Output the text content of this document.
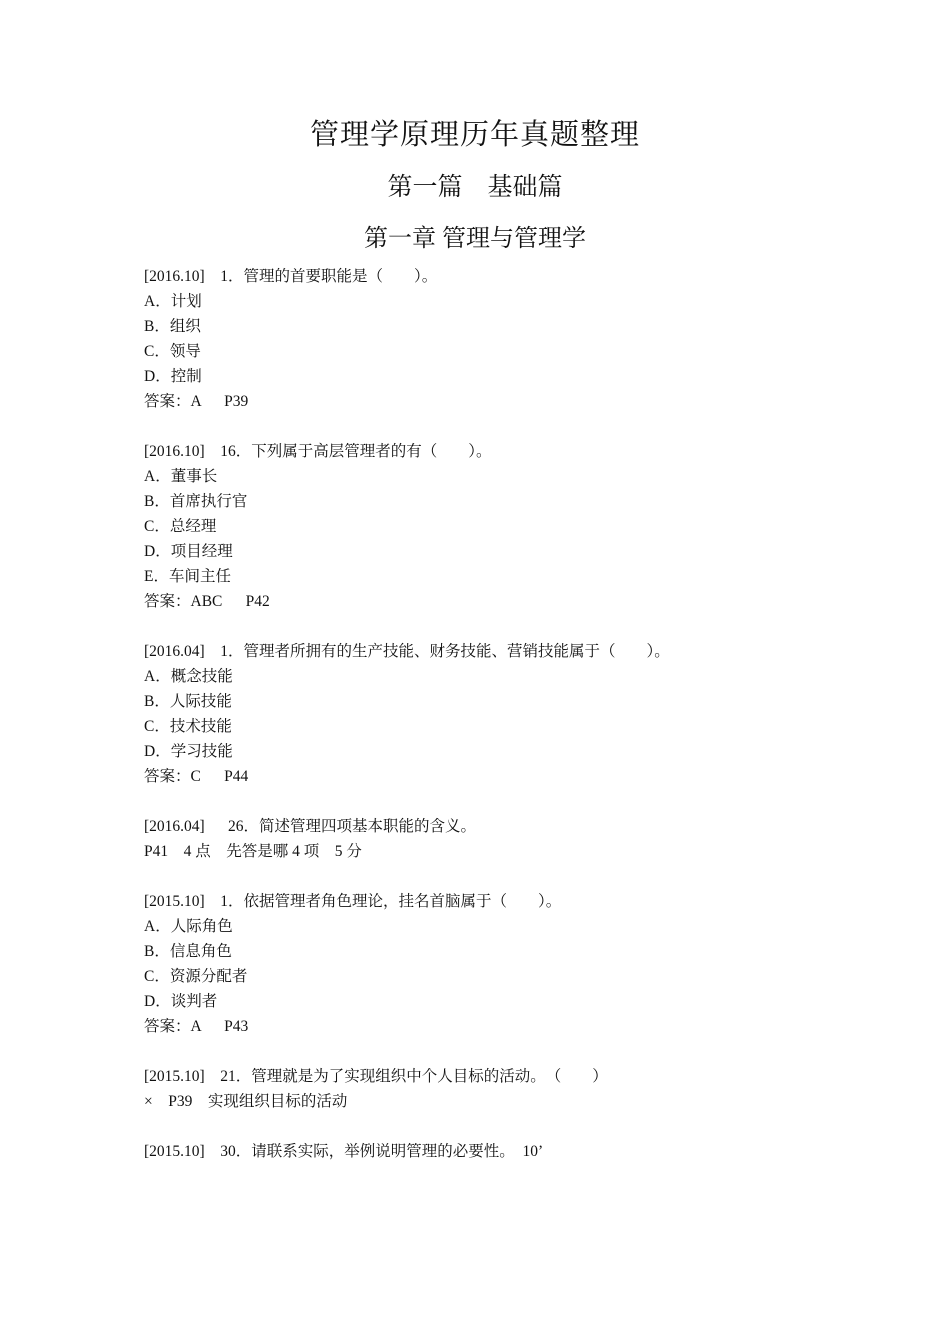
管理学原理历年真题整理
第一篇　基础篇
第一章 管理与管理学
[2016.10]　1．管理的首要职能是（　　）。
A．计划
B．组织
C．领导
D．控制
答案：A　  P39
[2016.10]　16．下列属于高层管理者的有（　　）。
A．董事长
B．首席执行官
C．总经理
D．项目经理
E．车间主任
答案：ABC　  P42
[2016.04]　1．管理者所拥有的生产技能、财务技能、营销技能属于（　　）。
A．概念技能
B．人际技能
C．技术技能
D．学习技能
答案：C　  P44
[2016.04]　  26．简述管理四项基本职能的含义。
P41　4 点　先答是哪 4 项　5 分
[2015.10]　1．依据管理者角色理论，挂名首脑属于（　　）。
A．人际角色
B．信息角色
C．资源分配者
D．谈判者
答案：A　  P43
[2015.10]　21．管理就是为了实现组织中个人目标的活动。　（　　）
×　P39　实现组织目标的活动
[2015.10]　30．请联系实际，举例说明管理的必要性。　10’
